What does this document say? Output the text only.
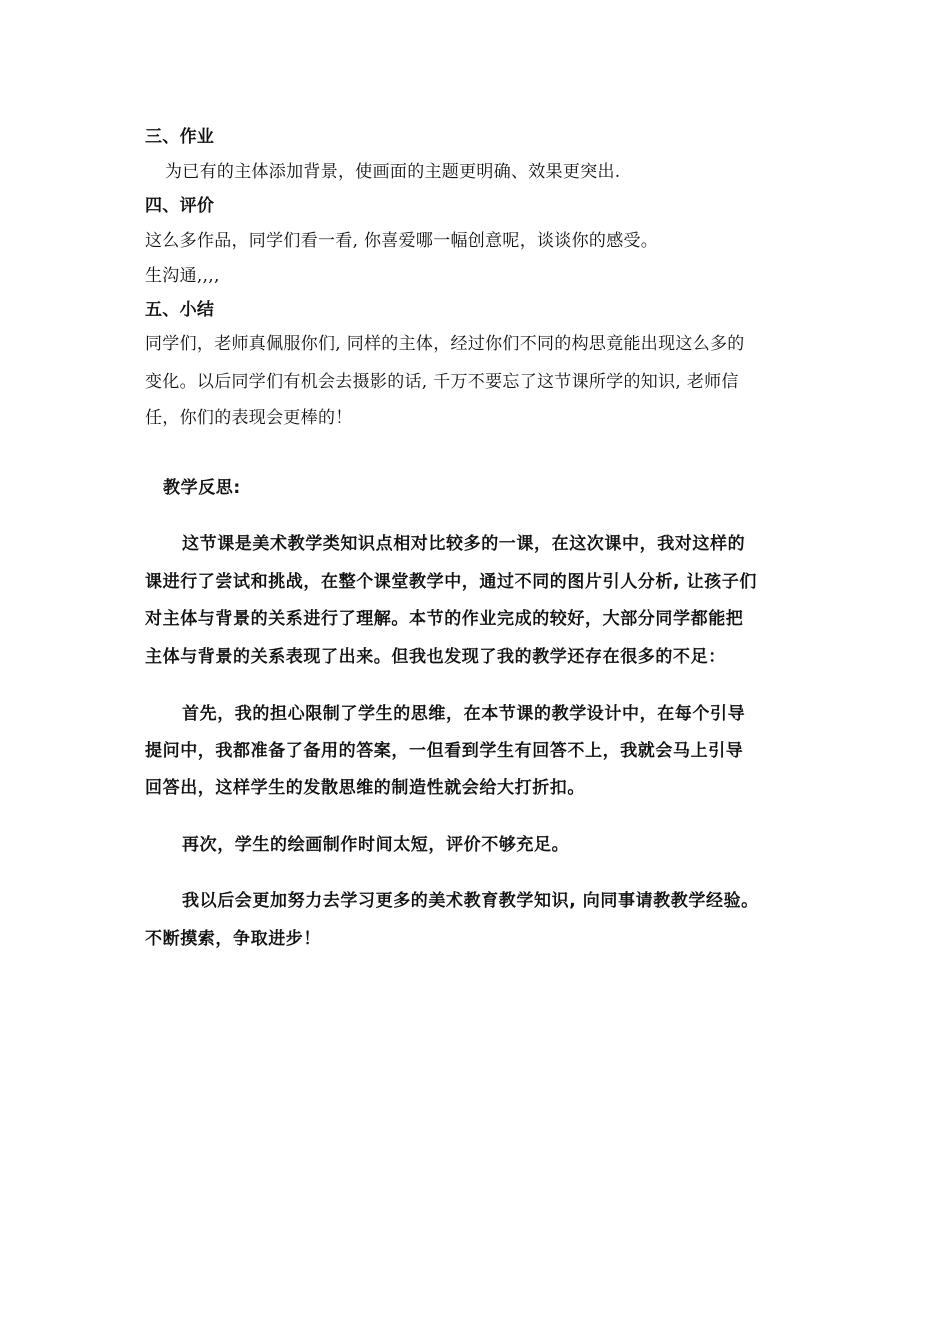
三、作业
为已有的主体添加背景，使画面的主题更明确、效果更突出.
四、评价
这么多作品，同学们看一看, 你喜爱哪一幅创意呢，谈谈你的感受。
生沟通,,,,
五、小结
同学们，老师真佩服你们, 同样的主体，经过你们不同的构思竟能出现这么多的
变化。以后同学们有机会去摄影的话, 千万不要忘了这节课所学的知识, 老师信
任，你们的表现会更棒的！
教学反思:
这节课是美术教学类知识点相对比较多的一课，在这次课中，我对这样的
课进行了尝试和挑战，在整个课堂教学中，通过不同的图片引人分析, 让孩子们
对主体与背景的关系进行了理解。本节的作业完成的较好，大部分同学都能把
主体与背景的关系表现了出来。但我也发现了我的教学还存在很多的不足：
首先，我的担心限制了学生的思维，在本节课的教学设计中，在每个引导
提问中，我都准备了备用的答案，一但看到学生有回答不上，我就会马上引导
回答出，这样学生的发散思维的制造性就会给大打折扣。
再次，学生的绘画制作时间太短，评价不够充足。
我以后会更加努力去学习更多的美术教育教学知识, 向同事请教教学经验。
不断摸索，争取进步！
